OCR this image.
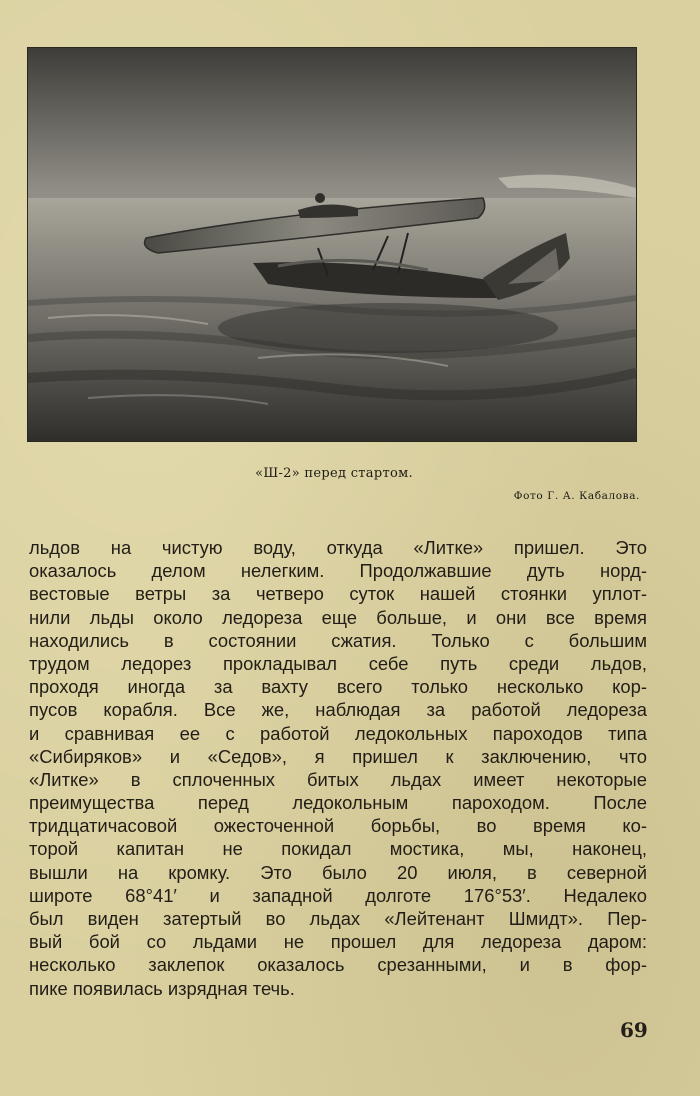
«Ш-2» перед стартом.
Фото Г. А. Кабалова.
льдов на чистую воду, откуда «Литке» пришел. Это
оказалось делом нелегким. Продолжавшие дуть норд-
вестовые ветры за четверо суток нашей стоянки уплот-
нили льды около ледореза еще больше, и они все время
находились в состоянии сжатия. Только с большим
трудом ледорез прокладывал себе путь среди льдов,
проходя иногда за вахту всего только несколько кор-
пусов корабля. Все же, наблюдая за работой ледореза
и сравнивая ее с работой ледокольных пароходов типа
«Сибиряков» и «Седов», я пришел к заключению, что
«Литке» в сплоченных битых льдах имеет некоторые
преимущества перед ледокольным пароходом. После
тридцатичасовой ожесточенной борьбы, во время ко-
торой капитан не покидал мостика, мы, наконец,
вышли на кромку. Это было 20 июля, в северной
широте 68°41′ и западной долготе 176°53′. Недалеко
был виден затертый во льдах «Лейтенант Шмидт». Пер-
вый бой со льдами не прошел для ледореза даром:
несколько заклепок оказалось срезанными, и в фор-
пике появилась изрядная течь.
69
